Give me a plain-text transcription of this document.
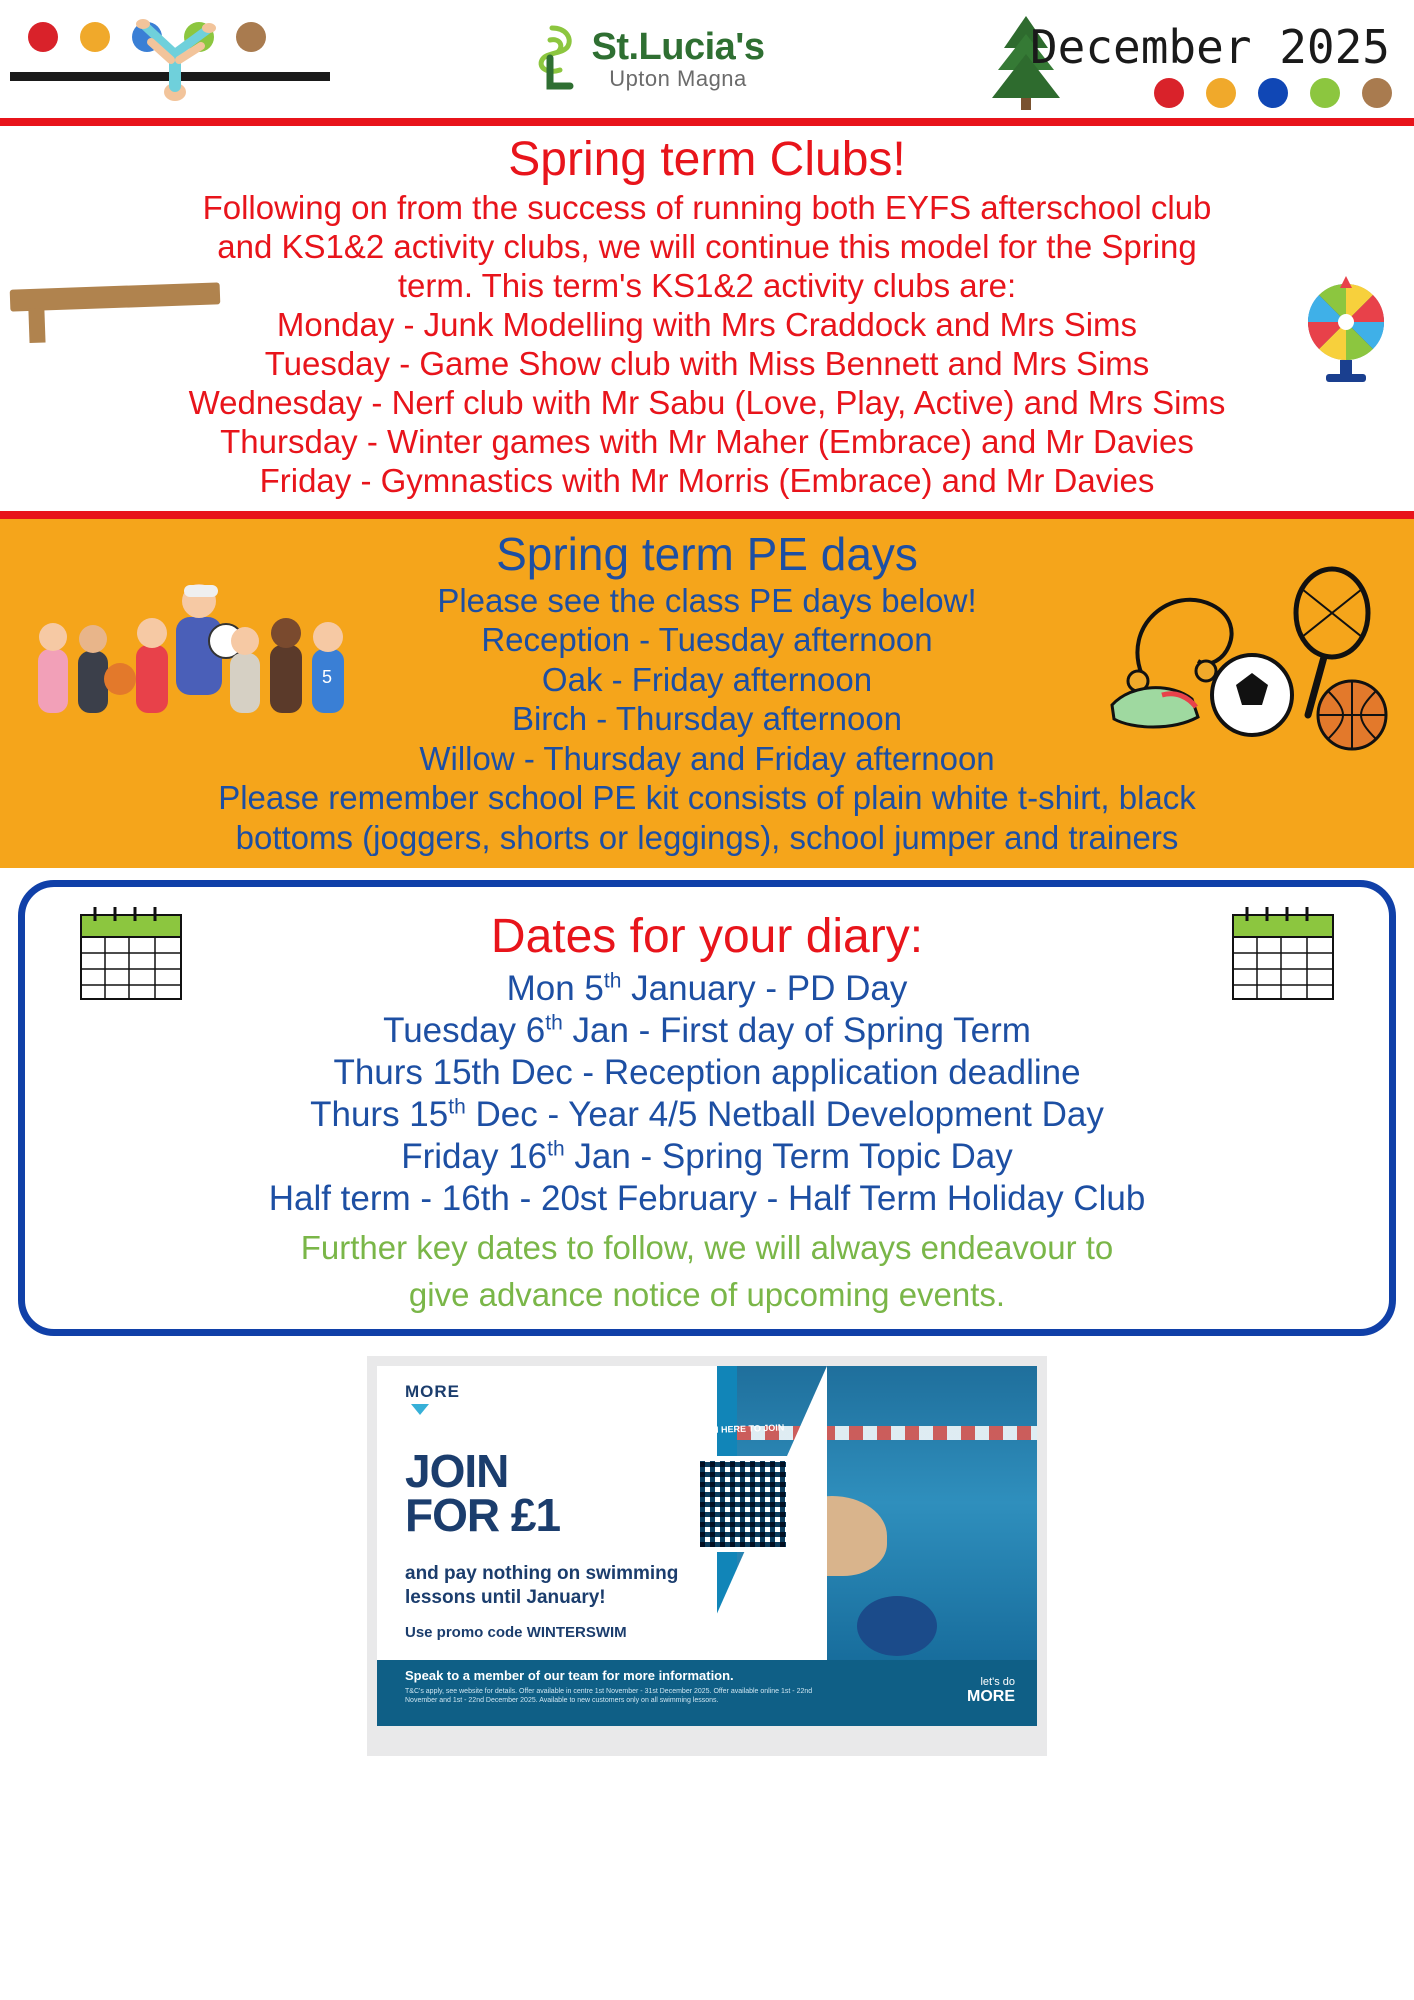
St.Lucia's
Upton Magna
December 2025
Spring term Clubs!
Following on from the success of running both EYFS afterschool club
and KS1&2 activity clubs, we will continue this model for the Spring
term. This term's KS1&2 activity clubs are:
Monday - Junk Modelling with Mrs Craddock and Mrs Sims
Tuesday - Game Show club with Miss Bennett and Mrs Sims
Wednesday - Nerf club with Mr Sabu (Love, Play, Active) and Mrs Sims
Thursday - Winter games with Mr Maher (Embrace) and Mr Davies
Friday - Gymnastics with Mr Morris (Embrace) and Mr Davies
5
Spring term PE days
Please see the class PE days below!
Reception - Tuesday afternoon
Oak - Friday afternoon
Birch - Thursday afternoon
Willow - Thursday and Friday afternoon
Please remember school PE kit consists of plain white t-shirt, black
bottoms (joggers, shorts or leggings), school jumper and trainers
Dates for your diary:
Mon 5th January - PD Day
Tuesday 6th Jan - First day of Spring Term
Thurs 15th Dec - Reception application deadline
Thurs 15th Dec - Year 4/5 Netball Development Day
Friday 16th Jan - Spring Term Topic Day
Half term - 16th - 20st February - Half Term Holiday Club
Further key dates to follow, we will always endeavour to
give advance notice of upcoming events.
MORE
JOIN
FOR £1
and pay nothing on swimming lessons until January!
Use promo code WINTERSWIM
SCAN HERE TO JOIN
Speak to a member of our team for more information.
T&C's apply, see website for details. Offer available in centre 1st November - 31st December 2025. Offer available online 1st - 22nd November and 1st - 22nd December 2025. Available to new customers only on all swimming lessons.
let's do
MORE
